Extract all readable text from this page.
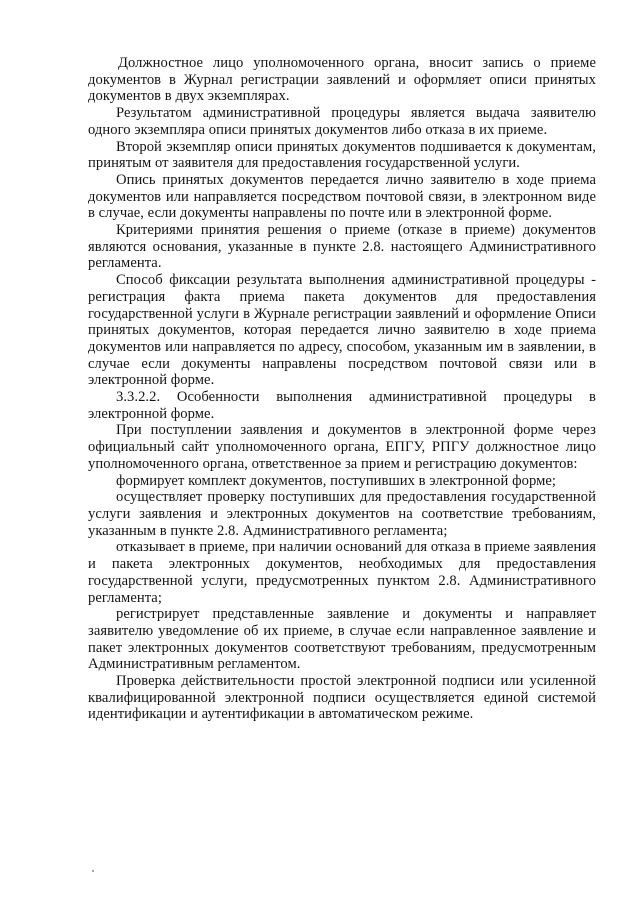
Должностное лицо уполномоченного органа, вносит запись о приеме документов в Журнал регистрации заявлений и оформляет описи принятых документов в двух экземплярах.

Результатом административной процедуры является выдача заявителю одного экземпляра описи принятых документов либо отказа в их приеме.

Второй экземпляр описи принятых документов подшивается к документам, принятым от заявителя для предоставления государственной услуги.

Опись принятых документов передается лично заявителю в ходе приема документов или направляется посредством почтовой связи, в электронном виде в случае, если документы направлены по почте или в электронной форме.

Критериями принятия решения о приеме (отказе в приеме) документов являются основания, указанные в пункте 2.8. настоящего Административного регламента.

Способ фиксации результата выполнения административной процедуры - регистрация факта приема пакета документов для предоставления государственной услуги в Журнале регистрации заявлений и оформление Описи принятых документов, которая передается лично заявителю в ходе приема документов или направляется по адресу, способом, указанным им в заявлении, в случае если документы направлены посредством почтовой связи или в электронной форме.

3.3.2.2. Особенности выполнения административной процедуры в электронной форме.

При поступлении заявления и документов в электронной форме через официальный сайт уполномоченного органа, ЕПГУ, РПГУ должностное лицо уполномоченного органа, ответственное за прием и регистрацию документов:

формирует комплект документов, поступивших в электронной форме;

осуществляет проверку поступивших для предоставления государственной услуги заявления и электронных документов на соответствие требованиям, указанным в пункте 2.8. Административного регламента;

отказывает в приеме, при наличии оснований для отказа в приеме заявления и пакета электронных документов, необходимых для предоставления государственной услуги, предусмотренных пунктом 2.8. Административного регламента;

регистрирует представленные заявление и документы и направляет заявителю уведомление об их приеме, в случае если направленное заявление и пакет электронных документов соответствуют требованиям, предусмотренным Административным регламентом.

Проверка действительности простой электронной подписи или усиленной квалифицированной электронной подписи осуществляется единой системой идентификации и аутентификации в автоматическом режиме.
